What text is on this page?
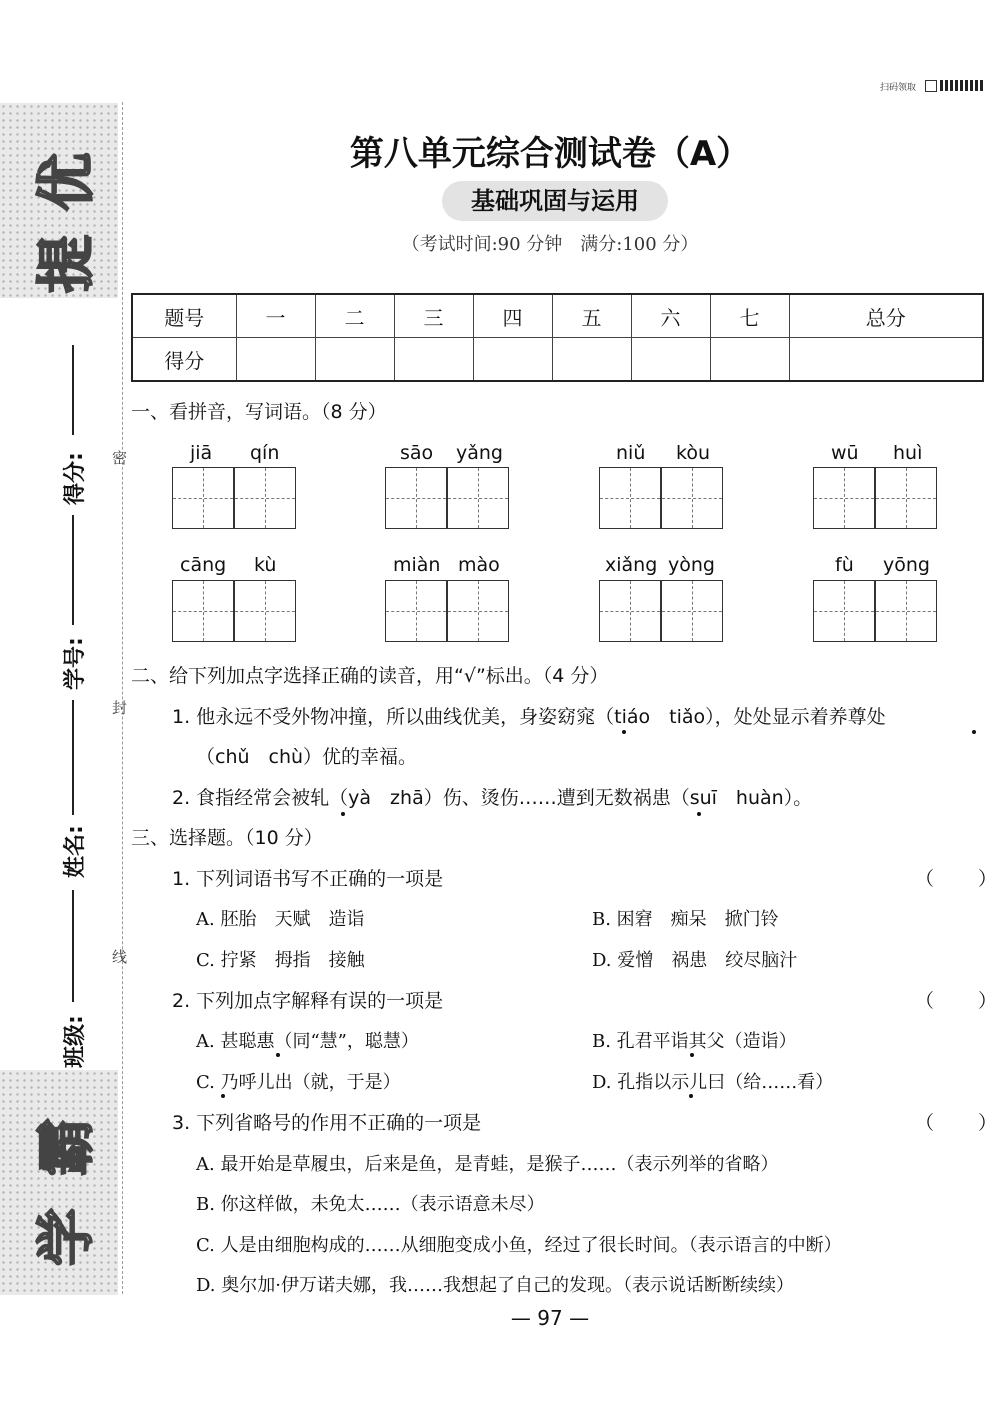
扫码领取
优
提
霸
学
得分:
学号:
姓名:
班级:
密
封
线
第八单元综合测试卷（A）
基础巩固与运用
（考试时间:90 分钟　满分:100 分）
题号	一	二	三	四	五	六	七	总分
得分								
一、看拼音，写词语。（8 分）
jiā qín	sāo yǎng	niǔ kòu	wū huì
cāng kù	miàn mào	xiǎng yòng	fù yōng
二、给下列加点字选择正确的读音，用“√”标出。（4 分）
1. 他永远不受外物冲撞，所以曲线优美，身姿窈窕（tiáo　tiǎo），处处显示着养尊处
（chǔ　chù）优的幸福。
2. 食指经常会被轧（yà　zhā）伤、烫伤……遭到无数祸患（suī　huàn）。
三、选择题。（10 分）
1. 下列词语书写不正确的一项是	（　　）
A. 胚胎　天赋　造诣	B. 困窘　痴呆　掀门铃
C. 拧紧　拇指　接触	D. 爱憎　祸患　绞尽脑汁
2. 下列加点字解释有误的一项是	（　　）
A. 甚聪惠（同“慧”，聪慧）	B. 孔君平诣其父（造诣）
C. 乃呼儿出（就，于是）	D. 孔指以示儿曰（给……看）
3. 下列省略号的作用不正确的一项是	（　　）
A. 最开始是草履虫，后来是鱼，是青蛙，是猴子……（表示列举的省略）
B. 你这样做，未免太……（表示语意未尽）
C. 人是由细胞构成的……从细胞变成小鱼，经过了很长时间。（表示语言的中断）
D. 奥尔加·伊万诺夫娜，我……我想起了自己的发现。（表示说话断断续续）
— 97 —
